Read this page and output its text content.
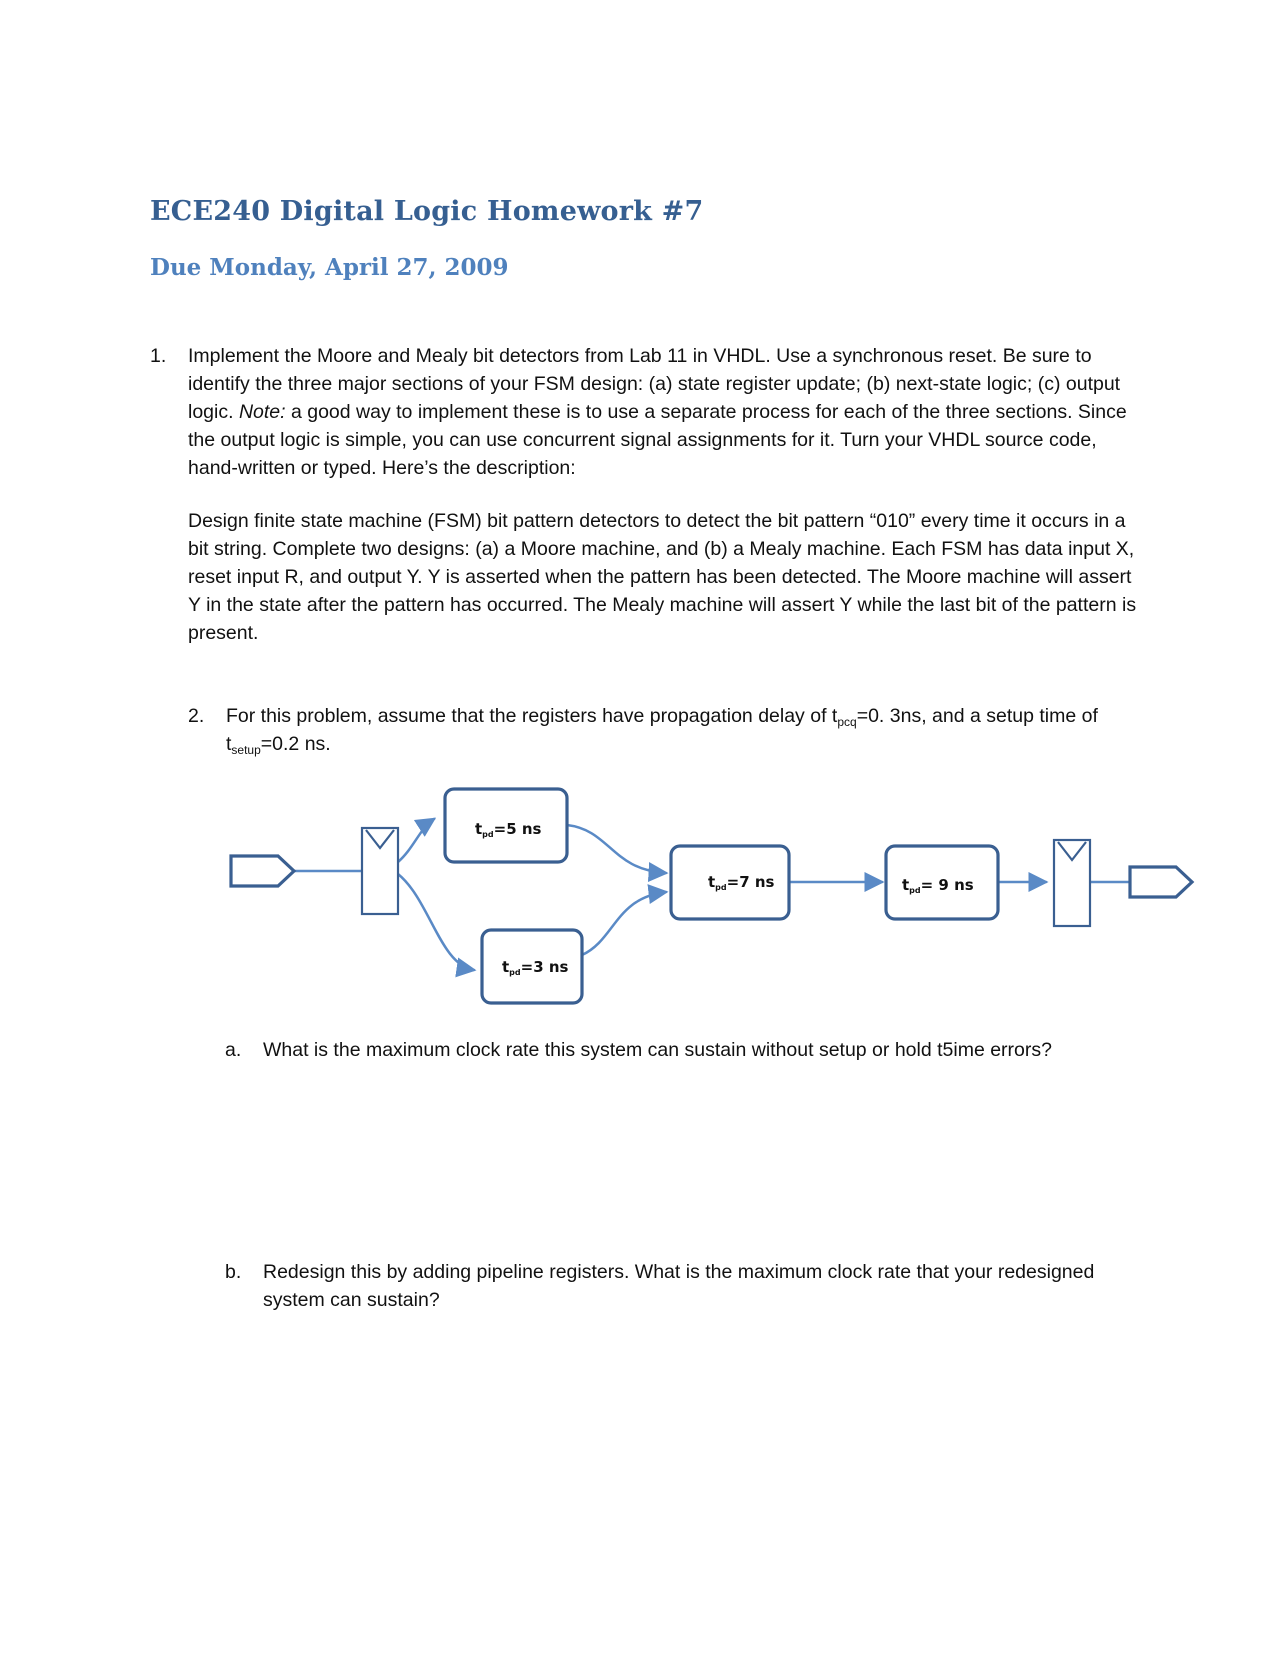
ECE240 Digital Logic Homework #7
Due Monday, April 27, 2009
1. Implement the Moore and Mealy bit detectors from Lab 11 in VHDL. Use a synchronous reset. Be sure to identify the three major sections of your FSM design: (a) state register update; (b) next-state logic; (c) output logic. Note: a good way to implement these is to use a separate process for each of the three sections. Since the output logic is simple, you can use concurrent signal assignments for it. Turn your VHDL source code, hand-written or typed. Here’s the description:
Design finite state machine (FSM) bit pattern detectors to detect the bit pattern “010” every time it occurs in a bit string. Complete two designs: (a) a Moore machine, and (b) a Mealy machine. Each FSM has data input X, reset input R, and output Y. Y is asserted when the pattern has been detected. The Moore machine will assert Y in the state after the pattern has occurred. The Mealy machine will assert Y while the last bit of the pattern is present.
2. For this problem, assume that the registers have propagation delay of $t_{pcq}=0$. 3ns, and a setup time of $t_{setup}=0.2$ ns.
$t_{pd}=5$ ns
$t_{pd}=3$ ns
$t_{pd}=7$ ns	$t_{pd}= 9$ ns
a. What is the maximum clock rate this system can sustain without setup or hold t5ime errors?
b. Redesign this by adding pipeline registers. What is the maximum clock rate that your redesigned system can sustain?
